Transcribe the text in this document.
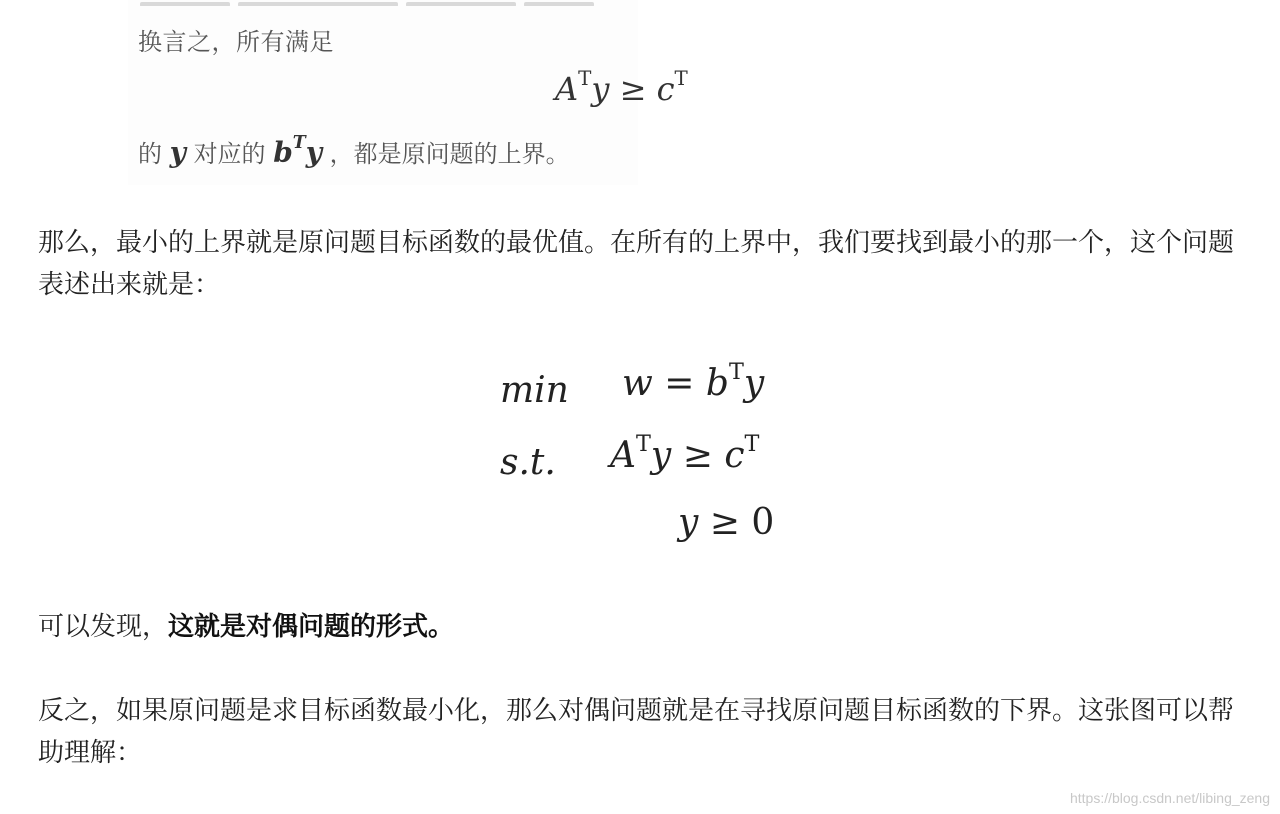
换言之，所有满足
$A^Ty \ge c^T$
的 y 对应的 $b^Ty$ ，都是原问题的上界。
那么，最小的上界就是原问题目标函数的最优值。在所有的上界中，我们要找到最小的那一个，这个问题表述出来就是：
$\min w = b^Ty$
s.t. $A^Ty \ge c^T$
y ≥ 0
可以发现，这就是对偶问题的形式。
反之，如果原问题是求目标函数最小化，那么对偶问题就是在寻找原问题目标函数的下界。这张图可以帮助理解：
https://blog.csdn.net/libing_zeng
